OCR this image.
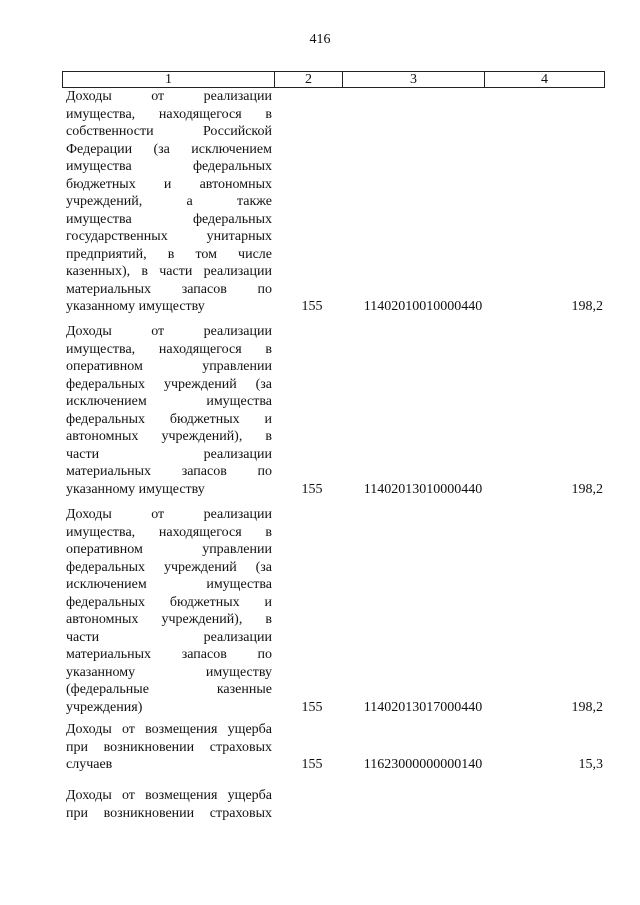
416
1	2	3	4
Доходы от реализации
имущества, находящегося в
собственности Российской
Федерации (за исключением
имущества федеральных
бюджетных и автономных
учреждений, а также
имущества федеральных
государственных унитарных
предприятий, в том числе
казенных), в части реализации
материальных запасов по
указанному имуществу	155	11402010010000440	198,2
Доходы от реализации
имущества, находящегося в
оперативном управлении
федеральных учреждений (за
исключением имущества
федеральных бюджетных и
автономных учреждений), в
части реализации
материальных запасов по
указанному имуществу	155	11402013010000440	198,2
Доходы от реализации
имущества, находящегося в
оперативном управлении
федеральных учреждений (за
исключением имущества
федеральных бюджетных и
автономных учреждений), в
части реализации
материальных запасов по
указанному имуществу
(федеральные казенные
учреждения)	155	11402013017000440	198,2
Доходы от возмещения ущерба
при возникновении страховых
случаев	155	11623000000000140	15,3
Доходы от возмещения ущерба
при возникновении страховых
